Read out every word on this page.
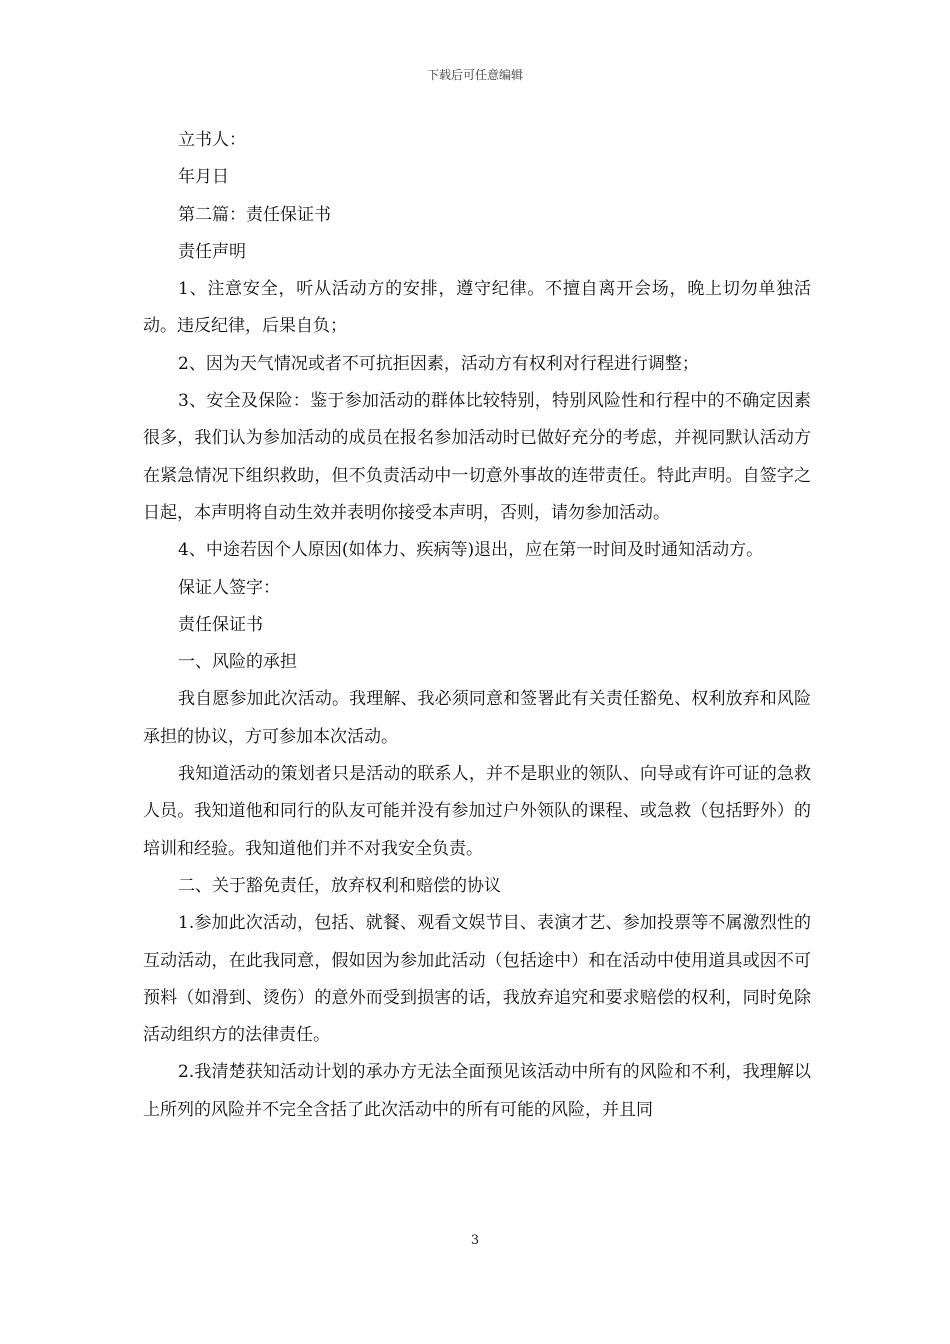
下载后可任意编辑

立书人：

年月日

第二篇：责任保证书

责任声明

1、注意安全，听从活动方的安排，遵守纪律。不擅自离开会场，晚上切勿单独活动。违反纪律，后果自负；

2、因为天气情况或者不可抗拒因素，活动方有权利对行程进行调整；

3、安全及保险：鉴于参加活动的群体比较特别，特别风险性和行程中的不确定因素很多，我们认为参加活动的成员在报名参加活动时已做好充分的考虑，并视同默认活动方在紧急情况下组织救助，但不负责活动中一切意外事故的连带责任。特此声明。自签字之日起，本声明将自动生效并表明你接受本声明，否则，请勿参加活动。

4、中途若因个人原因(如体力、疾病等)退出，应在第一时间及时通知活动方。

保证人签字：

责任保证书

一、风险的承担

我自愿参加此次活动。我理解、我必须同意和签署此有关责任豁免、权利放弃和风险承担的协议，方可参加本次活动。

我知道活动的策划者只是活动的联系人，并不是职业的领队、向导或有许可证的急救人员。我知道他和同行的队友可能并没有参加过户外领队的课程、或急救（包括野外）的培训和经验。我知道他们并不对我安全负责。

二、关于豁免责任，放弃权利和赔偿的协议

1.参加此次活动，包括、就餐、观看文娱节目、表演才艺、参加投票等不属激烈性的互动活动，在此我同意，假如因为参加此活动（包括途中）和在活动中使用道具或因不可预料（如滑到、烫伤）的意外而受到损害的话，我放弃追究和要求赔偿的权利，同时免除活动组织方的法律责任。

2.我清楚获知活动计划的承办方无法全面预见该活动中所有的风险和不利，我理解以上所列的风险并不完全含括了此次活动中的所有可能的风险，并且同

3
